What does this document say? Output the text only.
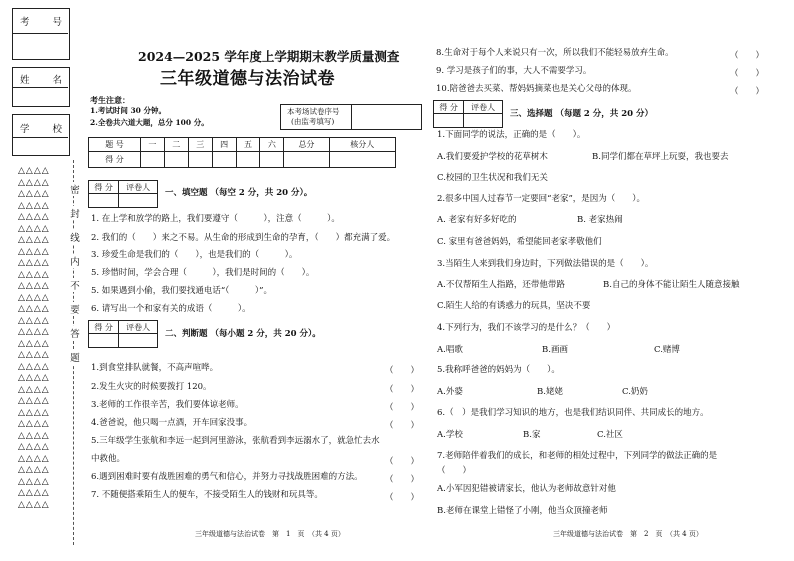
考 号
姓 名
学 校
△△△△
△△△△
△△△△
△△△△
△△△△
△△△△
△△△△
△△△△
△△△△
△△△△
△△△△
△△△△
△△△△
△△△△
△△△△
△△△△
△△△△
△△△△
△△△△
△△△△
△△△△
△△△△
△△△△
△△△△
△△△△
△△△△
△△△△
△△△△
△△△△
△△△△
密
封
线
内
不
要
答
题
2024—2025 学年度上学期期末教学质量测查
三年级道德与法治试卷
考生注意：
1.考试时间 30 分钟。
2.全卷共六道大题，总分 100 分。
本考场试卷序号
(由监考填写)
题 号	一	二	三	四	五	六	总分	核分人
得 分								
得 分	评卷人

一、填空题 （每空 2 分，共 20 分）。
1. 在上学和放学的路上，我们要遵守（　　　），注意（　　　）。
2. 我们的（　　）来之不易。从生命的形成到生命的孕育，（　　）都充满了爱。
3. 珍爱生命是我们的（　　），也是我们的（　　　）。
5. 珍惜时间，学会合理（　　　），我们是时间的（　　）。
5. 如果遇到小偷，我们要找通电话“（　　　）”。
6. 请写出一个和家有关的成语（　　　）。
得 分	评卷人

二、判断题 （每小题 2 分，共 20 分）。
1.到食堂排队就餐，不高声喧哗。	（　　）
2.发生火灾的时候要拨打 120。	（　　）
3.老师的工作很辛苦，我们要体谅老师。	（　　）
4.爸爸说，他只喝一点酒，开车回家没事。	（　　）
5.三年级学生张航和李远一起到河里游泳，张航看到李远溺水了，就急忙去水
中救他。	（　　）
6.遇到困难时要有战胜困难的勇气和信心，并努力寻找战胜困难的方法。	（　　）
7. 不随便搭乘陌生人的便车，不接受陌生人的钱财和玩具等。	（　　）
三年级道德与法治试卷　第　1　页　（共 4 页）
8.生命对于每个人来说只有一次，所以我们不能轻易放弃生命。	（　　）
9. 学习是孩子们的事，大人不需要学习。	（　　）
10.陪爸爸去买菜、帮妈妈摘菜也是关心父母的体现。	（　　）
得 分	评卷人

三、选择题 （每题 2 分，共 20 分）
1.下面同学的说法，正确的是（　　）。
A.我们要爱护学校的花草树木	B.同学们都在草坪上玩耍，我也要去
C.校园的卫生状况和我们无关
2.很多中国人过春节一定要回“老家”，是因为（　　）。
A. 老家有好多好吃的	B. 老家热闹
C. 家里有爸爸妈妈，希望能回老家孝敬他们
3.当陌生人来到我们身边时，下列做法错误的是（　　）。
A.不仅帮陌生人指路，还带他带路	B.自己的身体不能让陌生人随意接触
C.陌生人给的有诱惑力的玩具，坚决不要
4.下列行为，我们不该学习的是什么？（　　）
A.唱歌	B.画画	C.赌博
5.我称呼爸爸的妈妈为（　　）。
A.外婆	B.姥姥	C.奶奶
6.（　）是我们学习知识的地方，也是我们结识同伴、共同成长的地方。
A.学校	B.家	C.社区
7.老师陪伴着我们的成长，和老师的相处过程中，下列同学的做法正确的是
（　　）
A.小军因犯错被请家长，他认为老师故意针对他
B.老师在课堂上错怪了小刚，他当众顶撞老师
三年级道德与法治试卷　第　2　页　（共 4 页）
